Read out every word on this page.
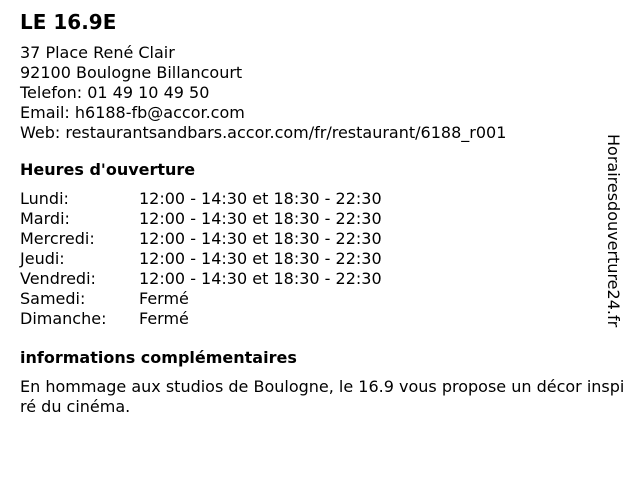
LE 16.9E
37 Place René Clair
92100 Boulogne Billancourt
Telefon: 01 49 10 49 50
Email: h6188-fb@accor.com
Web: restaurantsandbars.accor.com/fr/restaurant/6188_r001
Heures d'ouverture
Lundi:	12:00 - 14:30 et 18:30 - 22:30
Mardi:	12:00 - 14:30 et 18:30 - 22:30
Mercredi:	12:00 - 14:30 et 18:30 - 22:30
Jeudi:	12:00 - 14:30 et 18:30 - 22:30
Vendredi:	12:00 - 14:30 et 18:30 - 22:30
Samedi:	Fermé
Dimanche:	Fermé
informations complémentaires
En hommage aux studios de Boulogne, le 16.9 vous propose un décor inspiré du cinéma.
Horairesdouverture24.fr
